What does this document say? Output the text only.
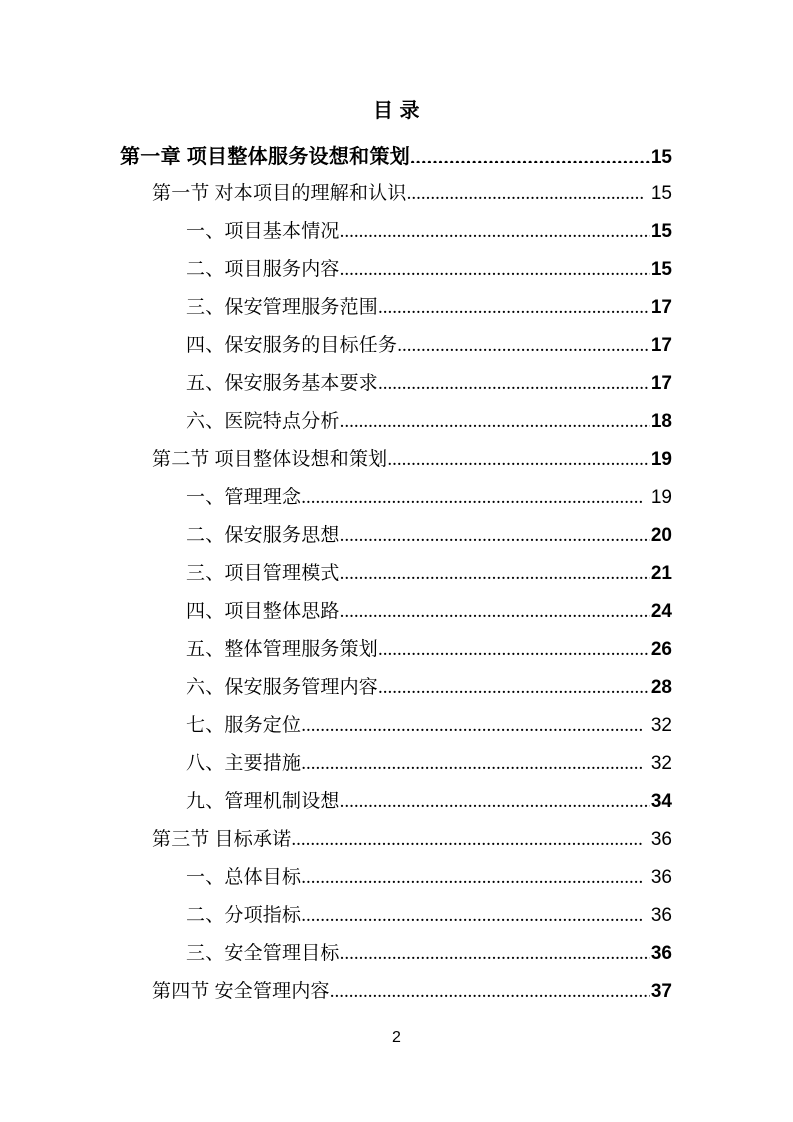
目 录
第一章 项目整体服务设想和策划 .....	15
第一节 对本项目的理解和认识 .....	15
一、项目基本情况 .....	15
二、项目服务内容 .....	15
三、保安管理服务范围 .....	17
四、保安服务的目标任务 .....	17
五、保安服务基本要求 .....	17
六、医院特点分析 .....	18
第二节 项目整体设想和策划 .....	19
一、管理理念 .....	19
二、保安服务思想 .....	20
三、项目管理模式 .....	21
四、项目整体思路 .....	24
五、整体管理服务策划 .....	26
六、保安服务管理内容 .....	28
七、服务定位 .....	32
八、主要措施 .....	32
九、管理机制设想 .....	34
第三节 目标承诺 .....	36
一、总体目标 .....	36
二、分项指标 .....	36
三、安全管理目标 .....	36
第四节 安全管理内容 .....	37
2
